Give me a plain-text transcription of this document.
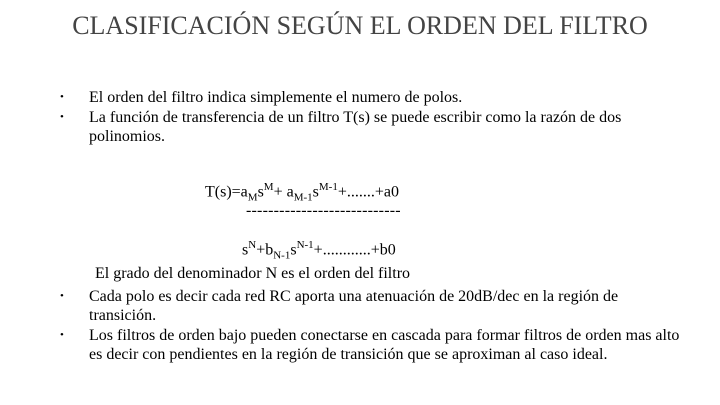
CLASIFICACIÓN SEGÚN EL ORDEN DEL FILTRO
• El orden del filtro indica simplemente el numero de polos.
• La función de transferencia de un filtro T(s) se puede escribir como la razón de dos polinomios.
$T(s)=a_Ms^M+ a_{M-1}s^{M-1}+.......+a0$
----------------------------
$s^N+b_{N-1}s^{N-1}+............+b0$
El grado del denominador N es el orden del filtro
• Cada polo es decir cada red RC aporta una atenuación de 20dB/dec en la región de transición.
• Los filtros de orden bajo pueden conectarse en cascada para formar filtros de orden mas alto es decir con pendientes en la región de transición que se aproximan al caso ideal.
